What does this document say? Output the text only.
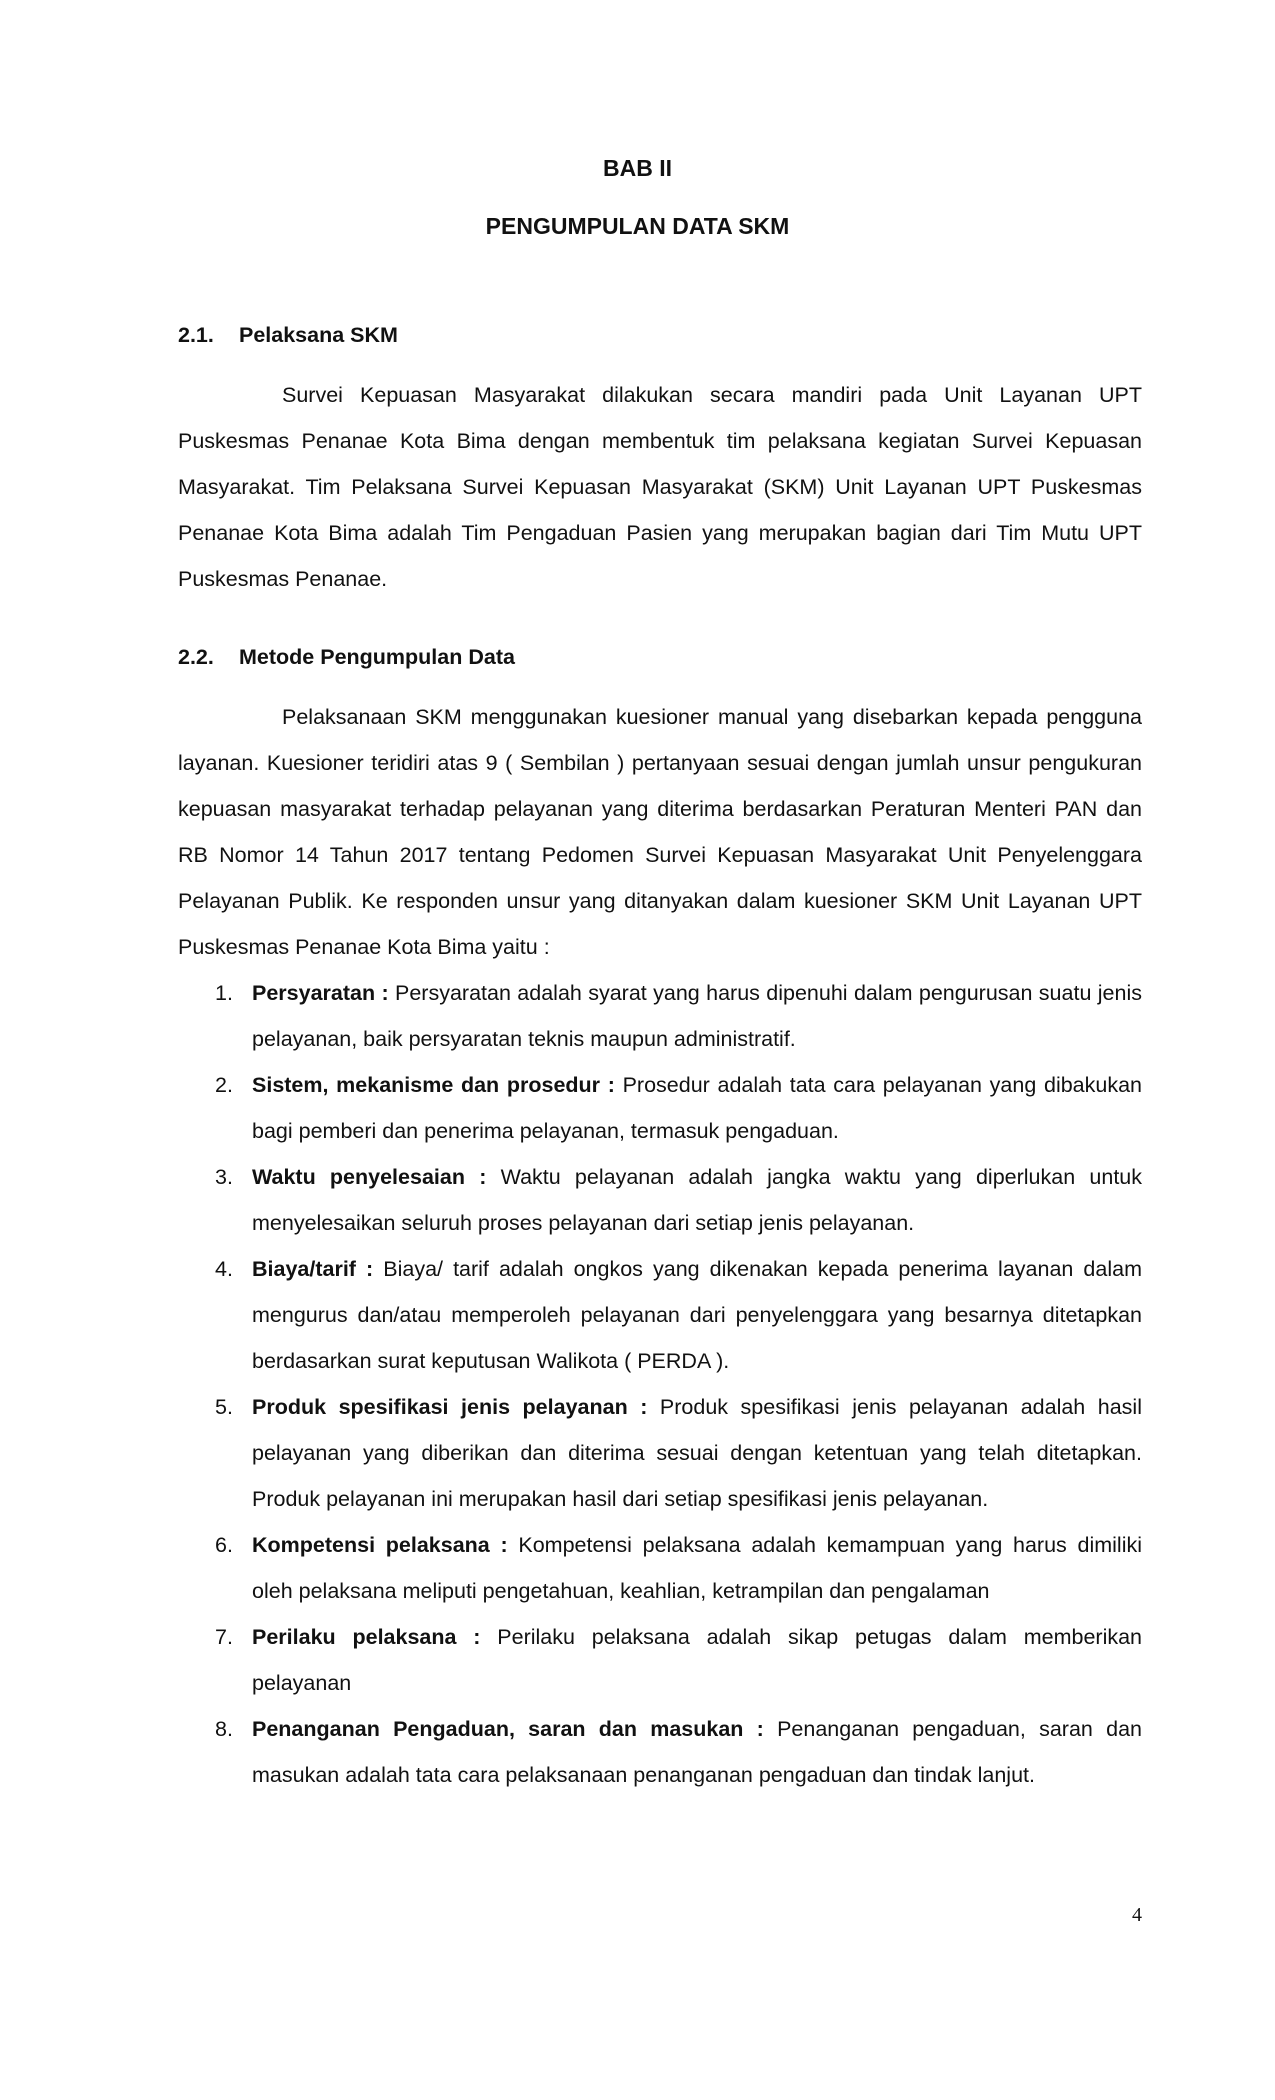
BAB II
PENGUMPULAN DATA SKM
2.1. Pelaksana SKM

Survei Kepuasan Masyarakat dilakukan secara mandiri pada Unit Layanan UPT Puskesmas Penanae Kota Bima dengan membentuk tim pelaksana kegiatan Survei Kepuasan Masyarakat. Tim Pelaksana Survei Kepuasan Masyarakat (SKM) Unit Layanan UPT Puskesmas Penanae Kota Bima adalah Tim Pengaduan Pasien yang merupakan bagian dari Tim Mutu UPT Puskesmas Penanae.

2.2. Metode Pengumpulan Data

Pelaksanaan SKM menggunakan kuesioner manual yang disebarkan kepada pengguna layanan. Kuesioner teridiri atas 9 ( Sembilan ) pertanyaan sesuai dengan jumlah unsur pengukuran kepuasan masyarakat terhadap pelayanan yang diterima berdasarkan Peraturan Menteri PAN dan RB Nomor 14 Tahun 2017 tentang Pedomen Survei Kepuasan Masyarakat Unit Penyelenggara Pelayanan Publik. Ke responden unsur yang ditanyakan dalam kuesioner SKM Unit Layanan UPT Puskesmas Penanae Kota Bima yaitu :

1. Persyaratan : Persyaratan adalah syarat yang harus dipenuhi dalam pengurusan suatu jenis pelayanan, baik persyaratan teknis maupun administratif.
2. Sistem, mekanisme dan prosedur : Prosedur adalah tata cara pelayanan yang dibakukan bagi pemberi dan penerima pelayanan, termasuk pengaduan.
3. Waktu penyelesaian : Waktu pelayanan adalah jangka waktu yang diperlukan untuk menyelesaikan seluruh proses pelayanan dari setiap jenis pelayanan.
4. Biaya/tarif : Biaya/ tarif adalah ongkos yang dikenakan kepada penerima layanan dalam mengurus dan/atau memperoleh pelayanan dari penyelenggara yang besarnya ditetapkan berdasarkan surat keputusan Walikota ( PERDA ).
5. Produk spesifikasi jenis pelayanan : Produk spesifikasi jenis pelayanan adalah hasil pelayanan yang diberikan dan diterima sesuai dengan ketentuan yang telah ditetapkan. Produk pelayanan ini merupakan hasil dari setiap spesifikasi jenis pelayanan.
6. Kompetensi pelaksana : Kompetensi pelaksana adalah kemampuan yang harus dimiliki oleh pelaksana meliputi pengetahuan, keahlian, ketrampilan dan pengalaman
7. Perilaku pelaksana : Perilaku pelaksana adalah sikap petugas dalam memberikan pelayanan
8. Penanganan Pengaduan, saran dan masukan : Penanganan pengaduan, saran dan masukan adalah tata cara pelaksanaan penanganan pengaduan dan tindak lanjut.
4
